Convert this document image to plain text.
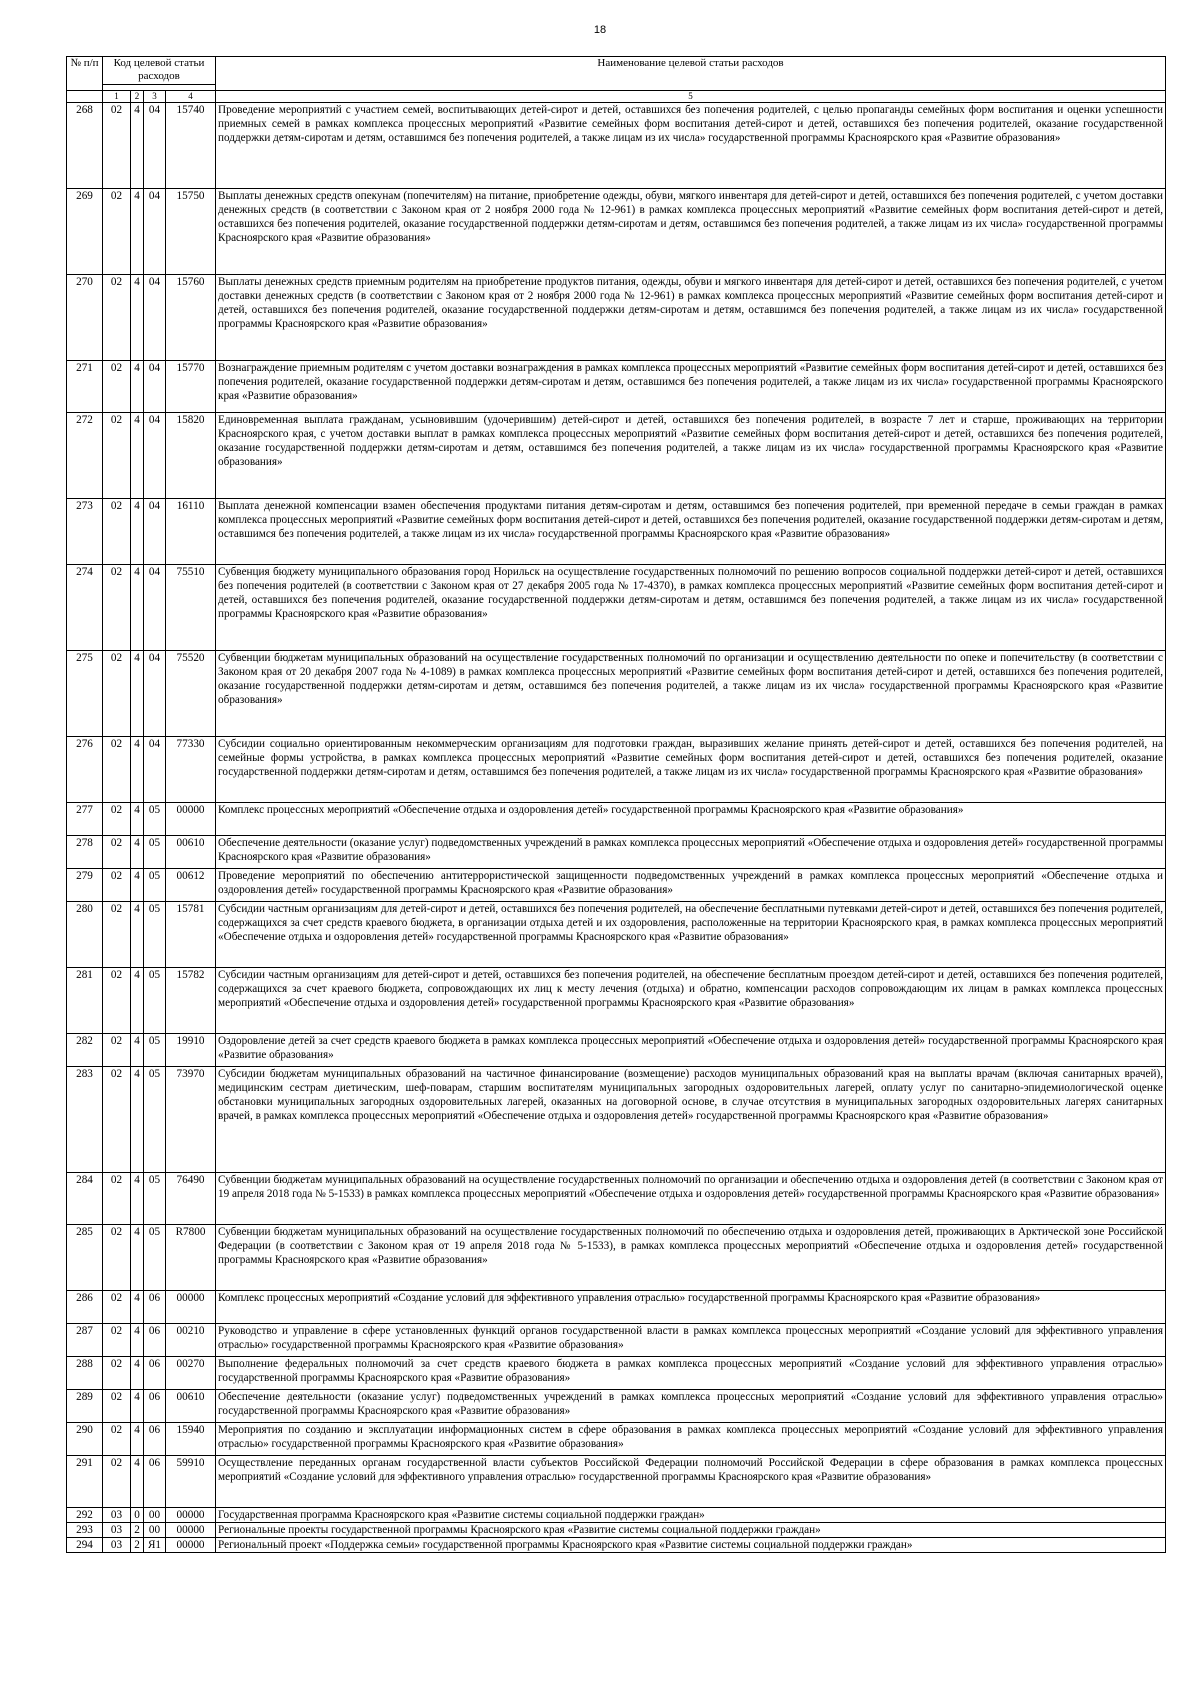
18
№ п/п	Код целевой статьи расходов				Наименование целевой статьи расходов

	1	2	3	4	5
268	02	4	04	15740	Проведение мероприятий с участием семей, воспитывающих детей-сирот и детей, оставшихся без попечения родителей, с целью пропаганды семейных форм воспитания и оценки успешности приемных семей в рамках комплекса процессных мероприятий «Развитие семейных форм воспитания детей-сирот и детей, оставшихся без попечения родителей, оказание государственной поддержки детям-сиротам и детям, оставшимся без попечения родителей, а также лицам из их числа» государственной программы Красноярского края «Развитие образования»
269	02	4	04	15750	Выплаты денежных средств опекунам (попечителям) на питание, приобретение одежды, обуви, мягкого инвентаря для детей-сирот и детей, оставшихся без попечения родителей, с учетом доставки денежных средств (в соответствии с Законом края от 2 ноября 2000 года № 12-961) в рамках комплекса процессных мероприятий «Развитие семейных форм воспитания детей-сирот и детей, оставшихся без попечения родителей, оказание государственной поддержки детям-сиротам и детям, оставшимся без попечения родителей, а также лицам из их числа» государственной программы Красноярского края «Развитие образования»
270	02	4	04	15760	Выплаты денежных средств приемным родителям на приобретение продуктов питания, одежды, обуви и мягкого инвентаря для детей-сирот и детей, оставшихся без попечения родителей, с учетом доставки денежных средств (в соответствии с Законом края от 2 ноября 2000 года № 12-961) в рамках комплекса процессных мероприятий «Развитие семейных форм воспитания детей-сирот и детей, оставшихся без попечения родителей, оказание государственной поддержки детям-сиротам и детям, оставшимся без попечения родителей, а также лицам из их числа» государственной программы Красноярского края «Развитие образования»
271	02	4	04	15770	Вознаграждение приемным родителям с учетом доставки вознаграждения в рамках комплекса процессных мероприятий «Развитие семейных форм воспитания детей-сирот и детей, оставшихся без попечения родителей, оказание государственной поддержки детям-сиротам и детям, оставшимся без попечения родителей, а также лицам из их числа» государственной программы Красноярского края «Развитие образования»
272	02	4	04	15820	Единовременная выплата гражданам, усыновившим (удочерившим) детей-сирот и детей, оставшихся без попечения родителей, в возрасте 7 лет и старше, проживающих на территории Красноярского края, с учетом доставки выплат в рамках комплекса процессных мероприятий «Развитие семейных форм воспитания детей-сирот и детей, оставшихся без попечения родителей, оказание государственной поддержки детям-сиротам и детям, оставшимся без попечения родителей, а также лицам из их числа» государственной программы Красноярского края «Развитие образования»
273	02	4	04	16110	Выплата денежной компенсации взамен обеспечения продуктами питания детям-сиротам и детям, оставшимся без попечения родителей, при временной передаче в семьи граждан в рамках комплекса процессных мероприятий «Развитие семейных форм воспитания детей-сирот и детей, оставшихся без попечения родителей, оказание государственной поддержки детям-сиротам и детям, оставшимся без попечения родителей, а также лицам из их числа» государственной программы Красноярского края «Развитие образования»
274	02	4	04	75510	Субвенция бюджету муниципального образования город Норильск на осуществление государственных полномочий по решению вопросов социальной поддержки детей-сирот и детей, оставшихся без попечения родителей (в соответствии с Законом края от 27 декабря 2005 года № 17-4370), в рамках комплекса процессных мероприятий «Развитие семейных форм воспитания детей-сирот и детей, оставшихся без попечения родителей, оказание государственной поддержки детям-сиротам и детям, оставшимся без попечения родителей, а также лицам из их числа» государственной программы Красноярского края «Развитие образования»
275	02	4	04	75520	Субвенции бюджетам муниципальных образований на осуществление государственных полномочий по организации и осуществлению деятельности по опеке и попечительству (в соответствии с Законом края от 20 декабря 2007 года № 4-1089) в рамках комплекса процессных мероприятий «Развитие семейных форм воспитания детей-сирот и детей, оставшихся без попечения родителей, оказание государственной поддержки детям-сиротам и детям, оставшимся без попечения родителей, а также лицам из их числа» государственной программы Красноярского края «Развитие образования»
276	02	4	04	77330	Субсидии социально ориентированным некоммерческим организациям для подготовки граждан, выразивших желание принять детей-сирот и детей, оставшихся без попечения родителей, на семейные формы устройства, в рамках комплекса процессных мероприятий «Развитие семейных форм воспитания детей-сирот и детей, оставшихся без попечения родителей, оказание государственной поддержки детям-сиротам и детям, оставшимся без попечения родителей, а также лицам из их числа» государственной программы Красноярского края «Развитие образования»
277	02	4	05	00000	Комплекс процессных мероприятий «Обеспечение отдыха и оздоровления детей» государственной программы Красноярского края «Развитие образования»
278	02	4	05	00610	Обеспечение деятельности (оказание услуг) подведомственных учреждений в рамках комплекса процессных мероприятий «Обеспечение отдыха и оздоровления детей» государственной программы Красноярского края «Развитие образования»
279	02	4	05	00612	Проведение мероприятий по обеспечению антитеррористической защищенности подведомственных учреждений в рамках комплекса процессных мероприятий «Обеспечение отдыха и оздоровления детей» государственной программы Красноярского края «Развитие образования»
280	02	4	05	15781	Субсидии частным организациям для детей-сирот и детей, оставшихся без попечения родителей, на обеспечение бесплатными путевками детей-сирот и детей, оставшихся без попечения родителей, содержащихся за счет средств краевого бюджета, в организации отдыха детей и их оздоровления, расположенные на территории Красноярского края, в рамках комплекса процессных мероприятий «Обеспечение отдыха и оздоровления детей» государственной программы Красноярского края «Развитие образования»
281	02	4	05	15782	Субсидии частным организациям для детей-сирот и детей, оставшихся без попечения родителей, на обеспечение бесплатным проездом детей-сирот и детей, оставшихся без попечения родителей, содержащихся за счет краевого бюджета, сопровождающих их лиц к месту лечения (отдыха) и обратно, компенсации расходов сопровождающим их лицам в рамках комплекса процессных мероприятий «Обеспечение отдыха и оздоровления детей» государственной программы Красноярского края «Развитие образования»
282	02	4	05	19910	Оздоровление детей за счет средств краевого бюджета в рамках комплекса процессных мероприятий «Обеспечение отдыха и оздоровления детей» государственной программы Красноярского края «Развитие образования»
283	02	4	05	73970	Субсидии бюджетам муниципальных образований на частичное финансирование (возмещение) расходов муниципальных образований края на выплаты врачам (включая санитарных врачей), медицинским сестрам диетическим, шеф-поварам, старшим воспитателям муниципальных загородных оздоровительных лагерей, оплату услуг по санитарно-эпидемиологической оценке обстановки муниципальных загородных оздоровительных лагерей, оказанных на договорной основе, в случае отсутствия в муниципальных загородных оздоровительных лагерях санитарных врачей, в рамках комплекса процессных мероприятий «Обеспечение отдыха и оздоровления детей» государственной программы Красноярского края «Развитие образования»
284	02	4	05	76490	Субвенции бюджетам муниципальных образований на осуществление государственных полномочий по организации и обеспечению отдыха и оздоровления детей (в соответствии с Законом края от 19 апреля 2018 года № 5-1533) в рамках комплекса процессных мероприятий «Обеспечение отдыха и оздоровления детей» государственной программы Красноярского края «Развитие образования»
285	02	4	05	R7800	Субвенции бюджетам муниципальных образований на осуществление государственных полномочий по обеспечению отдыха и оздоровления детей, проживающих в Арктической зоне Российской Федерации (в соответствии с Законом края от 19 апреля 2018 года № 5-1533), в рамках комплекса процессных мероприятий «Обеспечение отдыха и оздоровления детей» государственной программы Красноярского края «Развитие образования»
286	02	4	06	00000	Комплекс процессных мероприятий «Создание условий для эффективного управления отраслью» государственной программы Красноярского края «Развитие образования»
287	02	4	06	00210	Руководство и управление в сфере установленных функций органов государственной власти в рамках комплекса процессных мероприятий «Создание условий для эффективного управления отраслью» государственной программы Красноярского края «Развитие образования»
288	02	4	06	00270	Выполнение федеральных полномочий за счет средств краевого бюджета в рамках комплекса процессных мероприятий «Создание условий для эффективного управления отраслью» государственной программы Красноярского края «Развитие образования»
289	02	4	06	00610	Обеспечение деятельности (оказание услуг) подведомственных учреждений в рамках комплекса процессных мероприятий «Создание условий для эффективного управления отраслью» государственной программы Красноярского края «Развитие образования»
290	02	4	06	15940	Мероприятия по созданию и эксплуатации информационных систем в сфере образования в рамках комплекса процессных мероприятий «Создание условий для эффективного управления отраслью» государственной программы Красноярского края «Развитие образования»
291	02	4	06	59910	Осуществление переданных органам государственной власти субъектов Российской Федерации полномочий Российской Федерации в сфере образования в рамках комплекса процессных мероприятий «Создание условий для эффективного управления отраслью» государственной программы Красноярского края «Развитие образования»
292	03	0	00	00000	Государственная программа Красноярского края «Развитие системы социальной поддержки граждан»
293	03	2	00	00000	Региональные проекты государственной программы Красноярского края «Развитие системы социальной поддержки граждан»
294	03	2	Я1	00000	Региональный проект «Поддержка семьи» государственной программы Красноярского края «Развитие системы социальной поддержки граждан»
